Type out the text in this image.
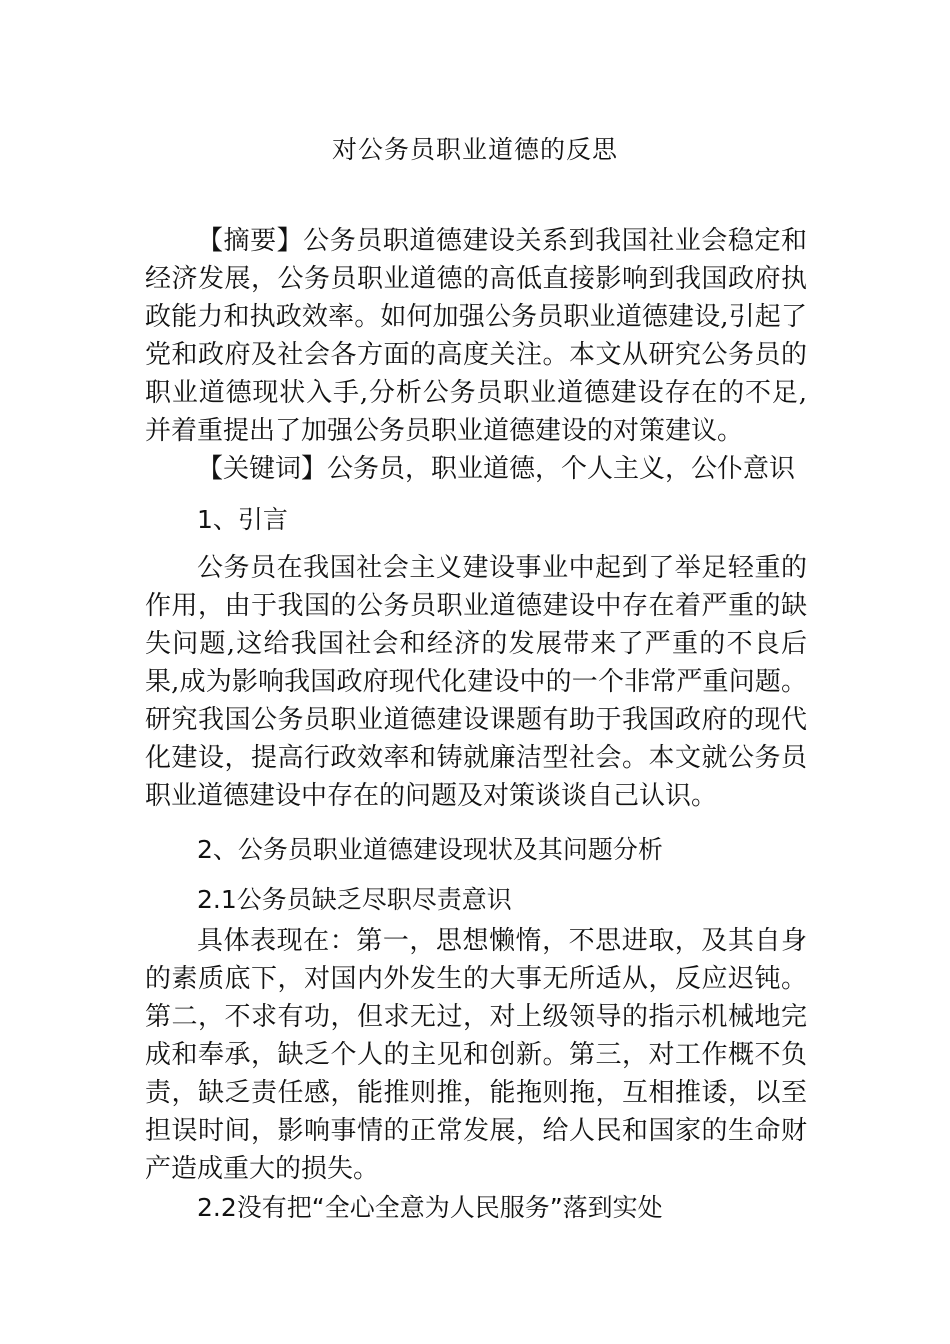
对公务员职业道德的反思

【摘要】公务员职道德建设关系到我国社业会稳定和经济发展，公务员职业道德的高低直接影响到我国政府执政能力和执政效率。如何加强公务员职业道德建设,引起了党和政府及社会各方面的高度关注。本文从研究公务员的职业道德现状入手,分析公务员职业道德建设存在的不足,并着重提出了加强公务员职业道德建设的对策建议。

【关键词】公务员，职业道德，个人主义，公仆意识
1、引言

公务员在我国社会主义建设事业中起到了举足轻重的作用，由于我国的公务员职业道德建设中存在着严重的缺失问题,这给我国社会和经济的发展带来了严重的不良后果,成为影响我国政府现代化建设中的一个非常严重问题。研究我国公务员职业道德建设课题有助于我国政府的现代化建设，提高行政效率和铸就廉洁型社会。本文就公务员职业道德建设中存在的问题及对策谈谈自己认识。

2、公务员职业道德建设现状及其问题分析
2.1公务员缺乏尽职尽责意识

具体表现在：第一，思想懒惰，不思进取，及其自身的素质底下，对国内外发生的大事无所适从，反应迟钝。第二，不求有功，但求无过，对上级领导的指示机械地完成和奉承，缺乏个人的主见和创新。第三，对工作概不负责，缺乏责任感，能推则推，能拖则拖，互相推诿，以至担误时间，影响事情的正常发展，给人民和国家的生命财产造成重大的损失。

2.2没有把“全心全意为人民服务”落到实处
